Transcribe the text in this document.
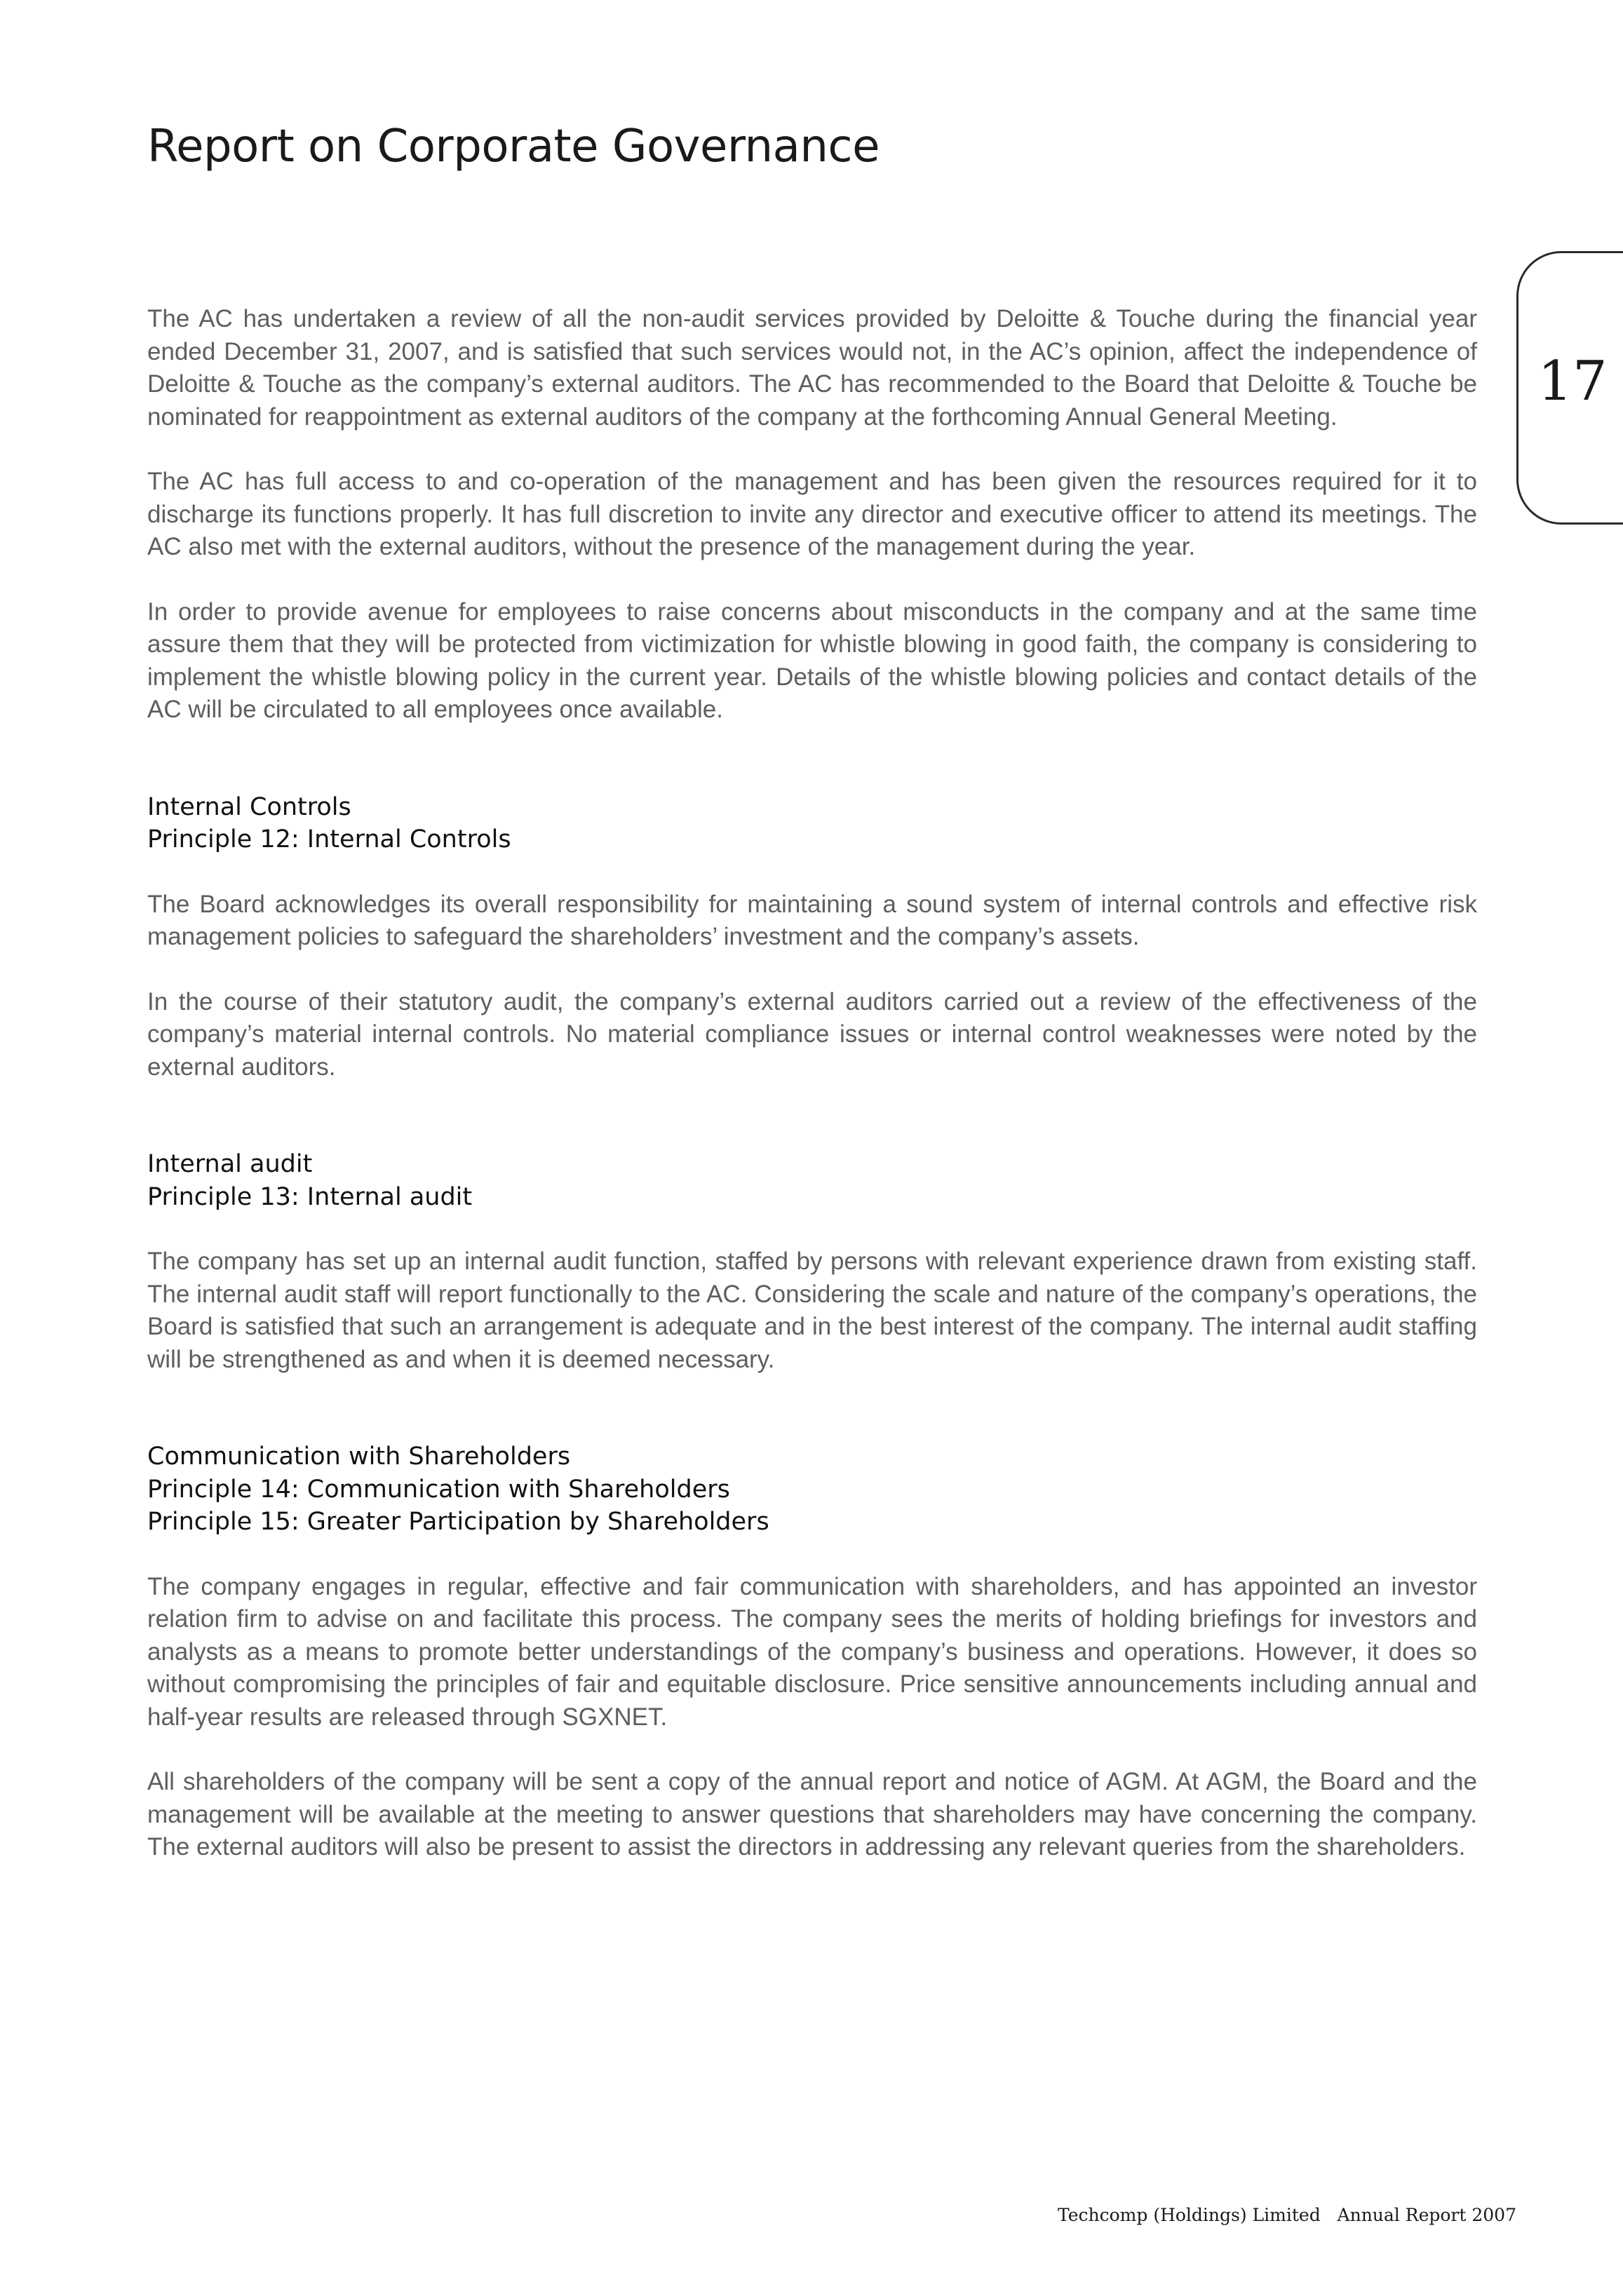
Report on Corporate Governance
17

The AC has undertaken a review of all the non-audit services provided by Deloitte & Touche during the financial year ended December 31, 2007, and is satisfied that such services would not, in the AC’s opinion, affect the independence of Deloitte & Touche as the company’s external auditors. The AC has recommended to the Board that Deloitte & Touche be nominated for reappointment as external auditors of the company at the forthcoming Annual General Meeting.

The AC has full access to and co-operation of the management and has been given the resources required for it to discharge its functions properly. It has full discretion to invite any director and executive officer to attend its meetings. The AC also met with the external auditors, without the presence of the management during the year.

In order to provide avenue for employees to raise concerns about misconducts in the company and at the same time assure them that they will be protected from victimization for whistle blowing in good faith, the company is considering to implement the whistle blowing policy in the current year. Details of the whistle blowing policies and contact details of the AC will be circulated to all employees once available.

Internal Controls

Principle 12: Internal Controls

The Board acknowledges its overall responsibility for maintaining a sound system of internal controls and effective risk management policies to safeguard the shareholders’ investment and the company’s assets.

In the course of their statutory audit, the company’s external auditors carried out a review of the effectiveness of the company’s material internal controls. No material compliance issues or internal control weaknesses were noted by the external auditors.

Internal audit

Principle 13: Internal audit

The company has set up an internal audit function, staffed by persons with relevant experience drawn from existing staff. The internal audit staff will report functionally to the AC. Considering the scale and nature of the company’s operations, the Board is satisfied that such an arrangement is adequate and in the best interest of the company. The internal audit staffing will be strengthened as and when it is deemed necessary.

Communication with Shareholders

Principle 14: Communication with Shareholders

Principle 15: Greater Participation by Shareholders

The company engages in regular, effective and fair communication with shareholders, and has appointed an investor relation firm to advise on and facilitate this process. The company sees the merits of holding briefings for investors and analysts as a means to promote better understandings of the company’s business and operations. However, it does so without compromising the principles of fair and equitable disclosure. Price sensitive announcements including annual and half-year results are released through SGXNET.

All shareholders of the company will be sent a copy of the annual report and notice of AGM. At AGM, the Board and the management will be available at the meeting to answer questions that shareholders may have concerning the company. The external auditors will also be present to assist the directors in addressing any relevant queries from the shareholders.

Techcomp (Holdings) Limited   Annual Report 2007
